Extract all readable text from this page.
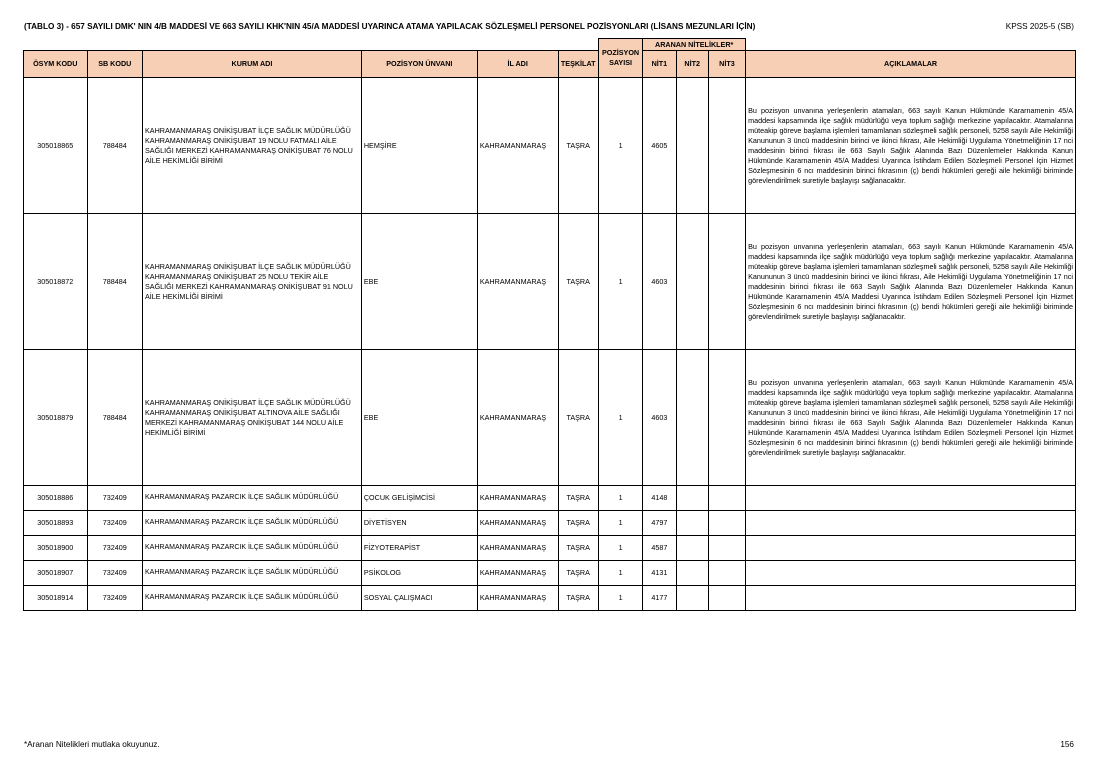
(TABLO 3) - 657 SAYILI DMK' NIN 4/B MADDESİ VE 663 SAYILI KHK'NIN 45/A MADDESİ UYARINCA ATAMA YAPILACAK SÖZLEŞMELİ PERSONEL POZİSYONLARI (LİSANS MEZUNLARI İÇİN)	KPSS 2025-5 (SB)
						POZİSYON SAYISI	ARANAN NİTELİKLER*			
ÖSYM KODU	SB KODU	KURUM ADI	POZİSYON ÜNVANI	İL ADI	TEŞKİLAT		NİT1	NİT2	NİT3	AÇIKLAMALAR
305018865	788484	KAHRAMANMARAŞ ONİKİŞUBAT İLÇE SAĞLIK MÜDÜRLÜĞÜ KAHRAMANMARAŞ ONİKİŞUBAT 19 NOLU FATMALI AİLE SAĞLIĞI MERKEZİ KAHRAMANMARAŞ ONİKİŞUBAT 76 NOLU AİLE HEKİMLİĞİ BİRİMİ	HEMŞİRE	KAHRAMANMARAŞ	TAŞRA	1	4605			Bu pozisyon unvanına yerleşenlerin atamaları, 663 sayılı Kanun Hükmünde Kararnamenin 45/A maddesi kapsamında ilçe sağlık müdürlüğü veya toplum sağlığı merkezine yapılacaktır. Atamalarına müteakip göreve başlama işlemleri tamamlanan sözleşmeli sağlık personeli, 5258 sayılı Aile Hekimliği Kanununun 3 üncü maddesinin birinci ve ikinci fıkrası, Aile Hekimliği Uygulama Yönetmeliğinin 17 nci maddesinin birinci fıkrası ile 663 Sayılı Sağlık Alanında Bazı Düzenlemeler Hakkında Kanun Hükmünde Kararnamenin 45/A Maddesi Uyarınca İstihdam Edilen Sözleşmeli Personel İçin Hizmet Sözleşmesinin 6 ncı maddesinin birinci fıkrasının (ç) bendi hükümleri gereği aile hekimliği biriminde görevlendirilmek suretiyle başlayışı sağlanacaktır.
305018872	788484	KAHRAMANMARAŞ ONİKİŞUBAT İLÇE SAĞLIK MÜDÜRLÜĞÜ KAHRAMANMARAŞ ONİKİŞUBAT 25 NOLU TEKİR AİLE SAĞLIĞI MERKEZİ KAHRAMANMARAŞ ONİKİŞUBAT 91 NOLU AİLE HEKİMLİĞİ BİRİMİ	EBE	KAHRAMANMARAŞ	TAŞRA	1	4603			Bu pozisyon unvanına yerleşenlerin atamaları, 663 sayılı Kanun Hükmünde Kararnamenin 45/A maddesi kapsamında ilçe sağlık müdürlüğü veya toplum sağlığı merkezine yapılacaktır. Atamalarına müteakip göreve başlama işlemleri tamamlanan sözleşmeli sağlık personeli, 5258 sayılı Aile Hekimliği Kanununun 3 üncü maddesinin birinci ve ikinci fıkrası, Aile Hekimliği Uygulama Yönetmeliğinin 17 nci maddesinin birinci fıkrası ile 663 Sayılı Sağlık Alanında Bazı Düzenlemeler Hakkında Kanun Hükmünde Kararnamenin 45/A Maddesi Uyarınca İstihdam Edilen Sözleşmeli Personel İçin Hizmet Sözleşmesinin 6 ncı maddesinin birinci fıkrasının (ç) bendi hükümleri gereği aile hekimliği biriminde görevlendirilmek suretiyle başlayışı sağlanacaktır.
305018879	788484	KAHRAMANMARAŞ ONİKİŞUBAT İLÇE SAĞLIK MÜDÜRLÜĞÜ KAHRAMANMARAŞ ONİKİŞUBAT ALTINOVA AİLE SAĞLIĞI MERKEZİ KAHRAMANMARAŞ ONİKİŞUBAT 144 NOLU AİLE HEKİMLİĞİ BİRİMİ	EBE	KAHRAMANMARAŞ	TAŞRA	1	4603			Bu pozisyon unvanına yerleşenlerin atamaları, 663 sayılı Kanun Hükmünde Kararnamenin 45/A maddesi kapsamında ilçe sağlık müdürlüğü veya toplum sağlığı merkezine yapılacaktır. Atamalarına müteakip göreve başlama işlemleri tamamlanan sözleşmeli sağlık personeli, 5258 sayılı Aile Hekimliği Kanununun 3 üncü maddesinin birinci ve ikinci fıkrası, Aile Hekimliği Uygulama Yönetmeliğinin 17 nci maddesinin birinci fıkrası ile 663 Sayılı Sağlık Alanında Bazı Düzenlemeler Hakkında Kanun Hükmünde Kararnamenin 45/A Maddesi Uyarınca İstihdam Edilen Sözleşmeli Personel İçin Hizmet Sözleşmesinin 6 ncı maddesinin birinci fıkrasının (ç) bendi hükümleri gereği aile hekimliği biriminde görevlendirilmek suretiyle başlayışı sağlanacaktır.
305018886	732409	KAHRAMANMARAŞ PAZARCIK İLÇE SAĞLIK MÜDÜRLÜĞÜ	ÇOCUK GELİŞİMCİSİ	KAHRAMANMARAŞ	TAŞRA	1	4148			
305018893	732409	KAHRAMANMARAŞ PAZARCIK İLÇE SAĞLIK MÜDÜRLÜĞÜ	DİYETİSYEN	KAHRAMANMARAŞ	TAŞRA	1	4797			
305018900	732409	KAHRAMANMARAŞ PAZARCIK İLÇE SAĞLIK MÜDÜRLÜĞÜ	FİZYOTERAPİST	KAHRAMANMARAŞ	TAŞRA	1	4587			
305018907	732409	KAHRAMANMARAŞ PAZARCIK İLÇE SAĞLIK MÜDÜRLÜĞÜ	PSİKOLOG	KAHRAMANMARAŞ	TAŞRA	1	4131			
305018914	732409	KAHRAMANMARAŞ PAZARCIK İLÇE SAĞLIK MÜDÜRLÜĞÜ	SOSYAL ÇALIŞMACI	KAHRAMANMARAŞ	TAŞRA	1	4177			
*Aranan Nitelikleri mutlaka okuyunuz.	156
